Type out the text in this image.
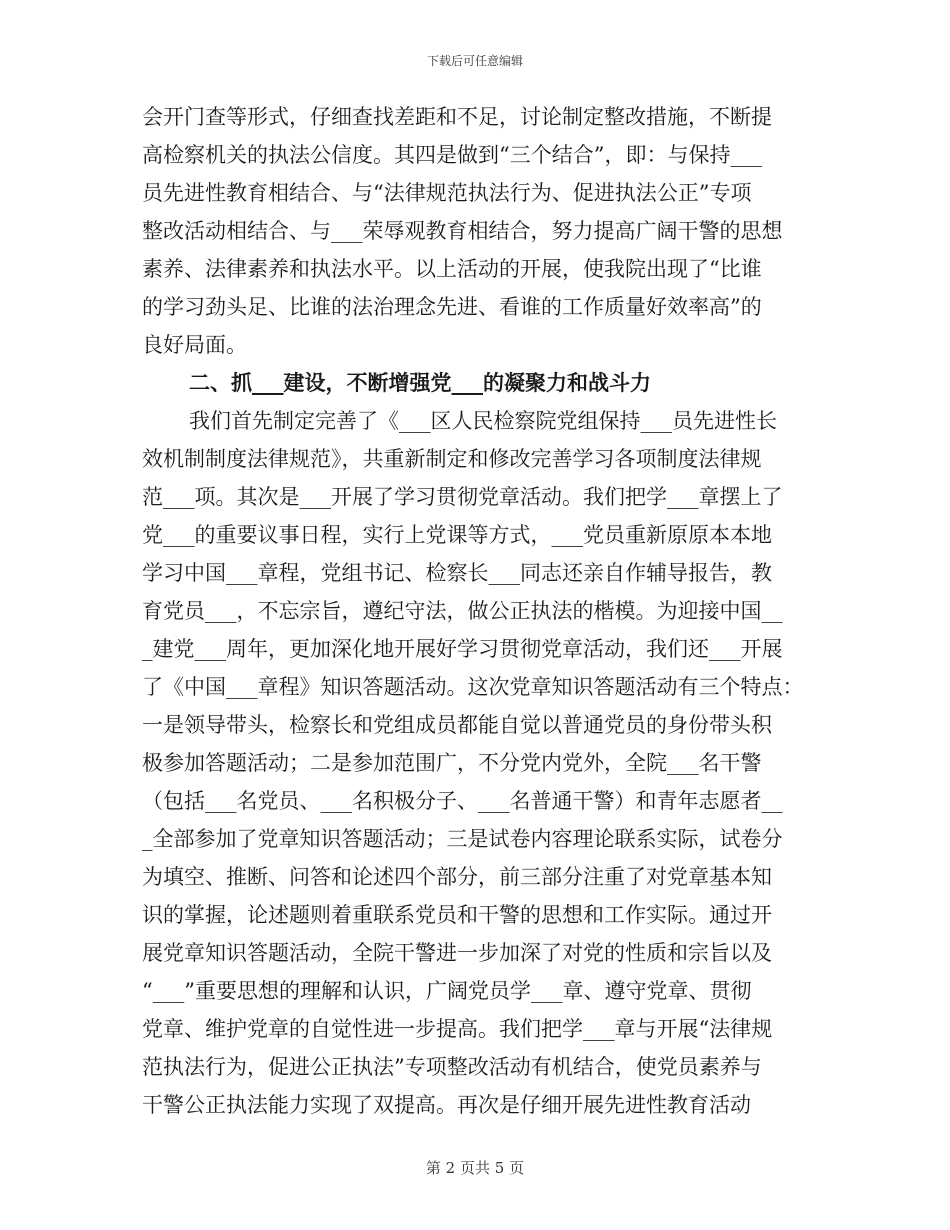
下载后可任意编辑
会开门查等形式，仔细查找差距和不足，讨论制定整改措施，不断提
高检察机关的执法公信度。其四是做到“三个结合”，即：与保持___
员先进性教育相结合、与“法律规范执法行为、促进执法公正”专项
整改活动相结合、与___荣辱观教育相结合，努力提高广阔干警的思想
素养、法律素养和执法水平。以上活动的开展，使我院出现了“比谁
的学习劲头足、比谁的法治理念先进、看谁的工作质量好效率高”的
良好局面。
二、抓___建设，不断增强党___的凝聚力和战斗力
我们首先制定完善了《___区人民检察院党组保持___员先进性长
效机制制度法律规范》，共重新制定和修改完善学习各项制度法律规
范___项。其次是___开展了学习贯彻党章活动。我们把学___章摆上了
党___的重要议事日程，实行上党课等方式，___党员重新原原本本地
学习中国___章程，党组书记、检察长___同志还亲自作辅导报告，教
育党员___，不忘宗旨，遵纪守法，做公正执法的楷模。为迎接中国__
_建党___周年，更加深化地开展好学习贯彻党章活动，我们还___开展
了《中国___章程》知识答题活动。这次党章知识答题活动有三个特点：
一是领导带头，检察长和党组成员都能自觉以普通党员的身份带头积
极参加答题活动；二是参加范围广，不分党内党外，全院___名干警
（包括___名党员、___名积极分子、___名普通干警）和青年志愿者__
_全部参加了党章知识答题活动；三是试卷内容理论联系实际，试卷分
为填空、推断、问答和论述四个部分，前三部分注重了对党章基本知
识的掌握，论述题则着重联系党员和干警的思想和工作实际。通过开
展党章知识答题活动，全院干警进一步加深了对党的性质和宗旨以及
“___”重要思想的理解和认识，广阔党员学___章、遵守党章、贯彻
党章、维护党章的自觉性进一步提高。我们把学___章与开展“法律规
范执法行为，促进公正执法”专项整改活动有机结合，使党员素养与
干警公正执法能力实现了双提高。再次是仔细开展先进性教育活动
第 2 页共 5 页
